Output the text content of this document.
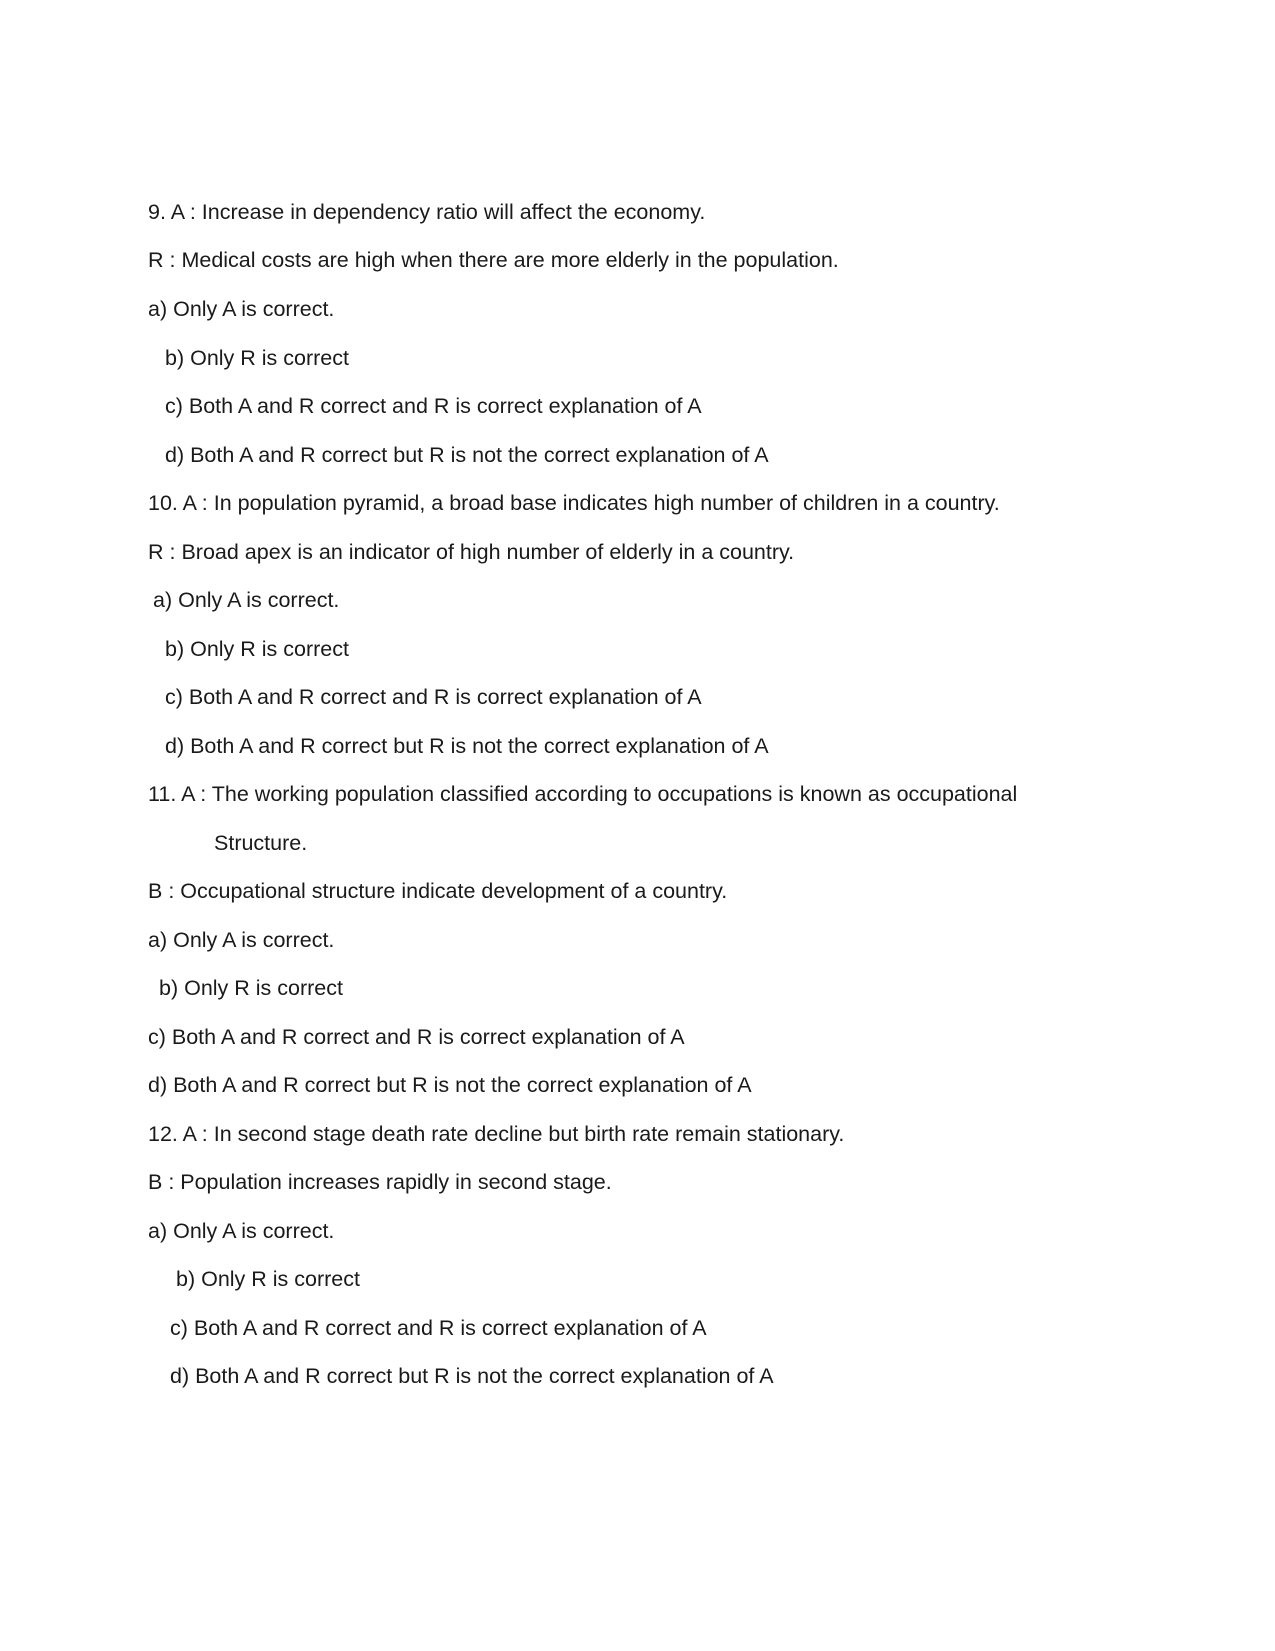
9. A : Increase in dependency ratio will affect the economy.
R : Medical costs are high when there are more elderly in the population.
a) Only A is correct.
b) Only R is correct
c) Both A and R correct and R is correct explanation of A
d) Both A and R correct but R is not the correct explanation of A
10. A : In population pyramid, a broad base indicates high number of children in a country.
R : Broad apex is an indicator of high number of elderly in a country.
a) Only A is correct.
b) Only R is correct
c) Both A and R correct and R is correct explanation of A
d) Both A and R correct but R is not the correct explanation of A
11. A : The working population classified according to occupations is known as occupational
Structure.
B : Occupational structure indicate development of a country.
a) Only A is correct.
b) Only R is correct
c) Both A and R correct and R is correct explanation of A
d) Both A and R correct but R is not the correct explanation of A
12. A : In second stage death rate decline but birth rate remain stationary.
B : Population increases rapidly in second stage.
a) Only A is correct.
b) Only R is correct
c) Both A and R correct and R is correct explanation of A
d) Both A and R correct but R is not the correct explanation of A
